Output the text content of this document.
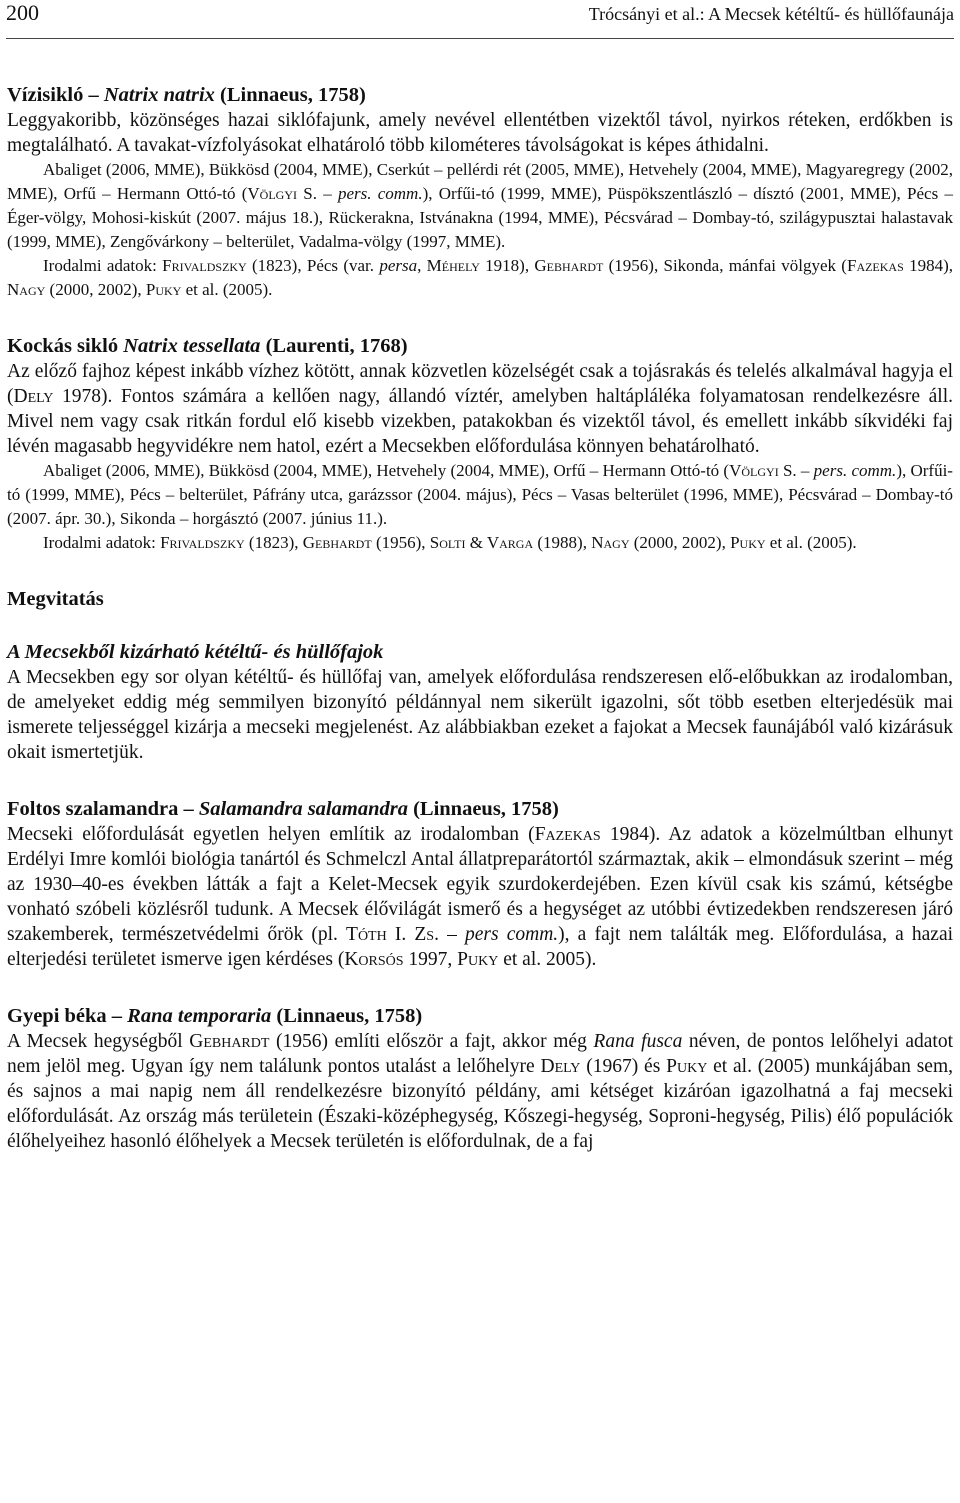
200	Trócsányi et al.: A Mecsek kétéltű- és hüllőfaunája
Vízisikló – Natrix natrix (Linnaeus, 1758)

Leggyakoribb, közönséges hazai siklófajunk, amely nevével ellentétben vizektől távol, nyirkos réteken, erdőkben is megtalálható. A tavakat-vízfolyásokat elhatároló több kilométeres távolságokat is képes áthidalni.

Abaliget (2006, MME), Bükkösd (2004, MME), Cserkút – pellérdi rét (2005, MME), Hetvehely (2004, MME), Magyaregregy (2002, MME), Orfű – Hermann Ottó-tó (Völgyi S. – pers. comm.), Orfűi-tó (1999, MME), Püspökszentlászló – dísztó (2001, MME), Pécs – Éger-völgy, Mohosi-kiskút (2007. május 18.), Rückerakna, Istvánakna (1994, MME), Pécsvárad – Dombay-tó, szilágypusztai halastavak (1999, MME), Zengővárkony – belterület, Vadalma-völgy (1997, MME).

Irodalmi adatok: Frivaldszky (1823), Pécs (var. persa, Méhely 1918), Gebhardt (1956), Sikonda, mánfai völgyek (Fazekas 1984), Nagy (2000, 2002), Puky et al. (2005).

Kockás sikló Natrix tessellata (Laurenti, 1768)

Az előző fajhoz képest inkább vízhez kötött, annak közvetlen közelségét csak a tojásrakás és telelés alkalmával hagyja el (Dely 1978). Fontos számára a kellően nagy, állandó víztér, amelyben haltápláléka folyamatosan rendelkezésre áll. Mivel nem vagy csak ritkán fordul elő kisebb vizekben, patakokban és vizektől távol, és emellett inkább síkvidéki faj lévén magasabb hegyvidékre nem hatol, ezért a Mecsekben előfordulása könnyen behatárolható.

Abaliget (2006, MME), Bükkösd (2004, MME), Hetvehely (2004, MME), Orfű – Hermann Ottó-tó (Völgyi S. – pers. comm.), Orfűi-tó (1999, MME), Pécs – belterület, Páfrány utca, garázssor (2004. május), Pécs – Vasas belterület (1996, MME), Pécsvárad – Dombay-tó (2007. ápr. 30.), Sikonda – horgásztó (2007. június 11.).

Irodalmi adatok: Frivaldszky (1823), Gebhardt (1956), Solti & Varga (1988), Nagy (2000, 2002), Puky et al. (2005).

Megvitatás
A Mecsekből kizárható kétéltű- és hüllőfajok

A Mecsekben egy sor olyan kétéltű- és hüllőfaj van, amelyek előfordulása rendszeresen elő-előbukkan az irodalomban, de amelyeket eddig még semmilyen bizonyító példánnyal nem sikerült igazolni, sőt több esetben elterjedésük mai ismerete teljességgel kizárja a mecseki megjelenést. Az alábbiakban ezeket a fajokat a Mecsek faunájából való kizárásuk okait ismertetjük.

Foltos szalamandra – Salamandra salamandra (Linnaeus, 1758)

Mecseki előfordulását egyetlen helyen említik az irodalomban (Fazekas 1984). Az adatok a közelmúltban elhunyt Erdélyi Imre komlói biológia tanártól és Schmelczl Antal állatpreparátortól származtak, akik – elmondásuk szerint – még az 1930–40-es években látták a fajt a Kelet-Mecsek egyik szurdokerdejében. Ezen kívül csak kis számú, kétségbe vonható szóbeli közlésről tudunk. A Mecsek élővilágát ismerő és a hegységet az utóbbi évtizedekben rendszeresen járó szakemberek, természetvédelmi őrök (pl. Tóth I. Zs. – pers comm.), a fajt nem találták meg. Előfordulása, a hazai elterjedési területet ismerve igen kérdéses (Korsós 1997, Puky et al. 2005).

Gyepi béka – Rana temporaria (Linnaeus, 1758)

A Mecsek hegységből Gebhardt (1956) említi először a fajt, akkor még Rana fusca néven, de pontos lelőhelyi adatot nem jelöl meg. Ugyan így nem találunk pontos utalást a lelőhelyre Dely (1967) és Puky et al. (2005) munkájában sem, és sajnos a mai napig nem áll rendelkezésre bizonyító példány, ami kétséget kizáróan igazolhatná a faj mecseki előfordulását. Az ország más területein (Északi-középhegység, Kőszegi-hegység, Soproni-hegység, Pilis) élő populációk élőhelyeihez hasonló élőhelyek a Mecsek területén is előfordulnak, de a faj
